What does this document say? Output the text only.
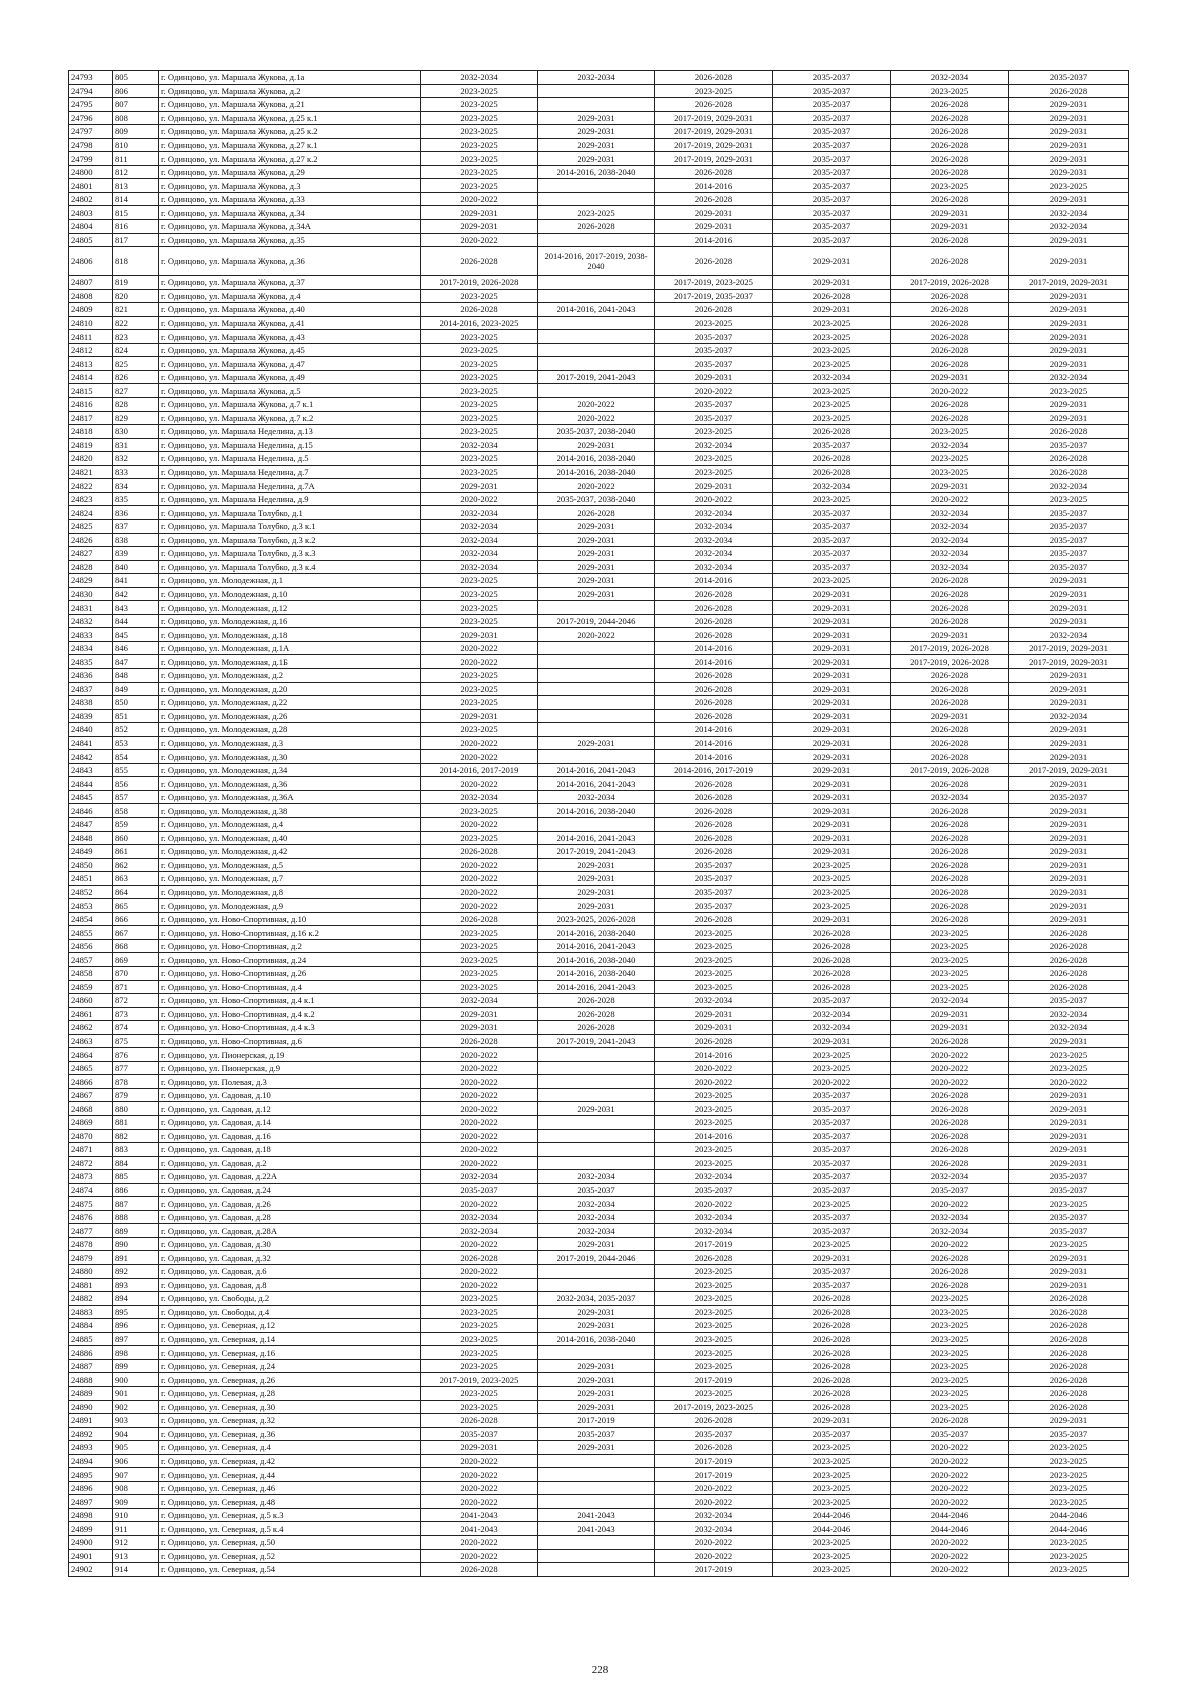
24793	805	г. Одинцово, ул. Маршала Жукова, д.1а	2032-2034	2032-2034	2026-2028	2035-2037	2032-2034	2035-2037
24794	806	г. Одинцово, ул. Маршала Жукова, д.2	2023-2025		2023-2025	2035-2037	2023-2025	2026-2028
24795	807	г. Одинцово, ул. Маршала Жукова, д.21	2023-2025		2026-2028	2035-2037	2026-2028	2029-2031
24796	808	г. Одинцово, ул. Маршала Жукова, д.25 к.1	2023-2025	2029-2031	2017-2019, 2029-2031	2035-2037	2026-2028	2029-2031
24797	809	г. Одинцово, ул. Маршала Жукова, д.25 к.2	2023-2025	2029-2031	2017-2019, 2029-2031	2035-2037	2026-2028	2029-2031
24798	810	г. Одинцово, ул. Маршала Жукова, д.27 к.1	2023-2025	2029-2031	2017-2019, 2029-2031	2035-2037	2026-2028	2029-2031
24799	811	г. Одинцово, ул. Маршала Жукова, д.27 к.2	2023-2025	2029-2031	2017-2019, 2029-2031	2035-2037	2026-2028	2029-2031
24800	812	г. Одинцово, ул. Маршала Жукова, д.29	2023-2025	2014-2016, 2038-2040	2026-2028	2035-2037	2026-2028	2029-2031
24801	813	г. Одинцово, ул. Маршала Жукова, д.3	2023-2025		2014-2016	2035-2037	2023-2025	2023-2025
24802	814	г. Одинцово, ул. Маршала Жукова, д.33	2020-2022		2026-2028	2035-2037	2026-2028	2029-2031
24803	815	г. Одинцово, ул. Маршала Жукова, д.34	2029-2031	2023-2025	2029-2031	2035-2037	2029-2031	2032-2034
24804	816	г. Одинцово, ул. Маршала Жукова, д.34А	2029-2031	2026-2028	2029-2031	2035-2037	2029-2031	2032-2034
24805	817	г. Одинцово, ул. Маршала Жукова, д.35	2020-2022		2014-2016	2035-2037	2026-2028	2029-2031
24806	818	г. Одинцово, ул. Маршала Жукова, д.36	2026-2028	2014-2016, 2017-2019, 2038-2040	2026-2028	2029-2031	2026-2028	2029-2031
24807	819	г. Одинцово, ул. Маршала Жукова, д.37	2017-2019, 2026-2028		2017-2019, 2023-2025	2029-2031	2017-2019, 2026-2028	2017-2019, 2029-2031
24808	820	г. Одинцово, ул. Маршала Жукова, д.4	2023-2025		2017-2019, 2035-2037	2026-2028	2026-2028	2029-2031
24809	821	г. Одинцово, ул. Маршала Жукова, д.40	2026-2028	2014-2016, 2041-2043	2026-2028	2029-2031	2026-2028	2029-2031
24810	822	г. Одинцово, ул. Маршала Жукова, д.41	2014-2016, 2023-2025		2023-2025	2023-2025	2026-2028	2029-2031
24811	823	г. Одинцово, ул. Маршала Жукова, д.43	2023-2025		2035-2037	2023-2025	2026-2028	2029-2031
24812	824	г. Одинцово, ул. Маршала Жукова, д.45	2023-2025		2035-2037	2023-2025	2026-2028	2029-2031
24813	825	г. Одинцово, ул. Маршала Жукова, д.47	2023-2025		2035-2037	2023-2025	2026-2028	2029-2031
24814	826	г. Одинцово, ул. Маршала Жукова, д.49	2023-2025	2017-2019, 2041-2043	2029-2031	2032-2034	2029-2031	2032-2034
24815	827	г. Одинцово, ул. Маршала Жукова, д.5	2023-2025		2020-2022	2023-2025	2020-2022	2023-2025
24816	828	г. Одинцово, ул. Маршала Жукова, д.7 к.1	2023-2025	2020-2022	2035-2037	2023-2025	2026-2028	2029-2031
24817	829	г. Одинцово, ул. Маршала Жукова, д.7 к.2	2023-2025	2020-2022	2035-2037	2023-2025	2026-2028	2029-2031
24818	830	г. Одинцово, ул. Маршала Неделина, д.13	2023-2025	2035-2037, 2038-2040	2023-2025	2026-2028	2023-2025	2026-2028
24819	831	г. Одинцово, ул. Маршала Неделина, д.15	2032-2034	2029-2031	2032-2034	2035-2037	2032-2034	2035-2037
24820	832	г. Одинцово, ул. Маршала Неделина, д.5	2023-2025	2014-2016, 2038-2040	2023-2025	2026-2028	2023-2025	2026-2028
24821	833	г. Одинцово, ул. Маршала Неделина, д.7	2023-2025	2014-2016, 2038-2040	2023-2025	2026-2028	2023-2025	2026-2028
24822	834	г. Одинцово, ул. Маршала Неделина, д.7А	2029-2031	2020-2022	2029-2031	2032-2034	2029-2031	2032-2034
24823	835	г. Одинцово, ул. Маршала Неделина, д.9	2020-2022	2035-2037, 2038-2040	2020-2022	2023-2025	2020-2022	2023-2025
24824	836	г. Одинцово, ул. Маршала Толубко, д.1	2032-2034	2026-2028	2032-2034	2035-2037	2032-2034	2035-2037
24825	837	г. Одинцово, ул. Маршала Толубко, д.3 к.1	2032-2034	2029-2031	2032-2034	2035-2037	2032-2034	2035-2037
24826	838	г. Одинцово, ул. Маршала Толубко, д.3 к.2	2032-2034	2029-2031	2032-2034	2035-2037	2032-2034	2035-2037
24827	839	г. Одинцово, ул. Маршала Толубко, д.3 к.3	2032-2034	2029-2031	2032-2034	2035-2037	2032-2034	2035-2037
24828	840	г. Одинцово, ул. Маршала Толубко, д.3 к.4	2032-2034	2029-2031	2032-2034	2035-2037	2032-2034	2035-2037
24829	841	г. Одинцово, ул. Молодежная, д.1	2023-2025	2029-2031	2014-2016	2023-2025	2026-2028	2029-2031
24830	842	г. Одинцово, ул. Молодежная, д.10	2023-2025	2029-2031	2026-2028	2029-2031	2026-2028	2029-2031
24831	843	г. Одинцово, ул. Молодежная, д.12	2023-2025		2026-2028	2029-2031	2026-2028	2029-2031
24832	844	г. Одинцово, ул. Молодежная, д.16	2023-2025	2017-2019, 2044-2046	2026-2028	2029-2031	2026-2028	2029-2031
24833	845	г. Одинцово, ул. Молодежная, д.18	2029-2031	2020-2022	2026-2028	2029-2031	2029-2031	2032-2034
24834	846	г. Одинцово, ул. Молодежная, д.1А	2020-2022		2014-2016	2029-2031	2017-2019, 2026-2028	2017-2019, 2029-2031
24835	847	г. Одинцово, ул. Молодежная, д.1Б	2020-2022		2014-2016	2029-2031	2017-2019, 2026-2028	2017-2019, 2029-2031
24836	848	г. Одинцово, ул. Молодежная, д.2	2023-2025		2026-2028	2029-2031	2026-2028	2029-2031
24837	849	г. Одинцово, ул. Молодежная, д.20	2023-2025		2026-2028	2029-2031	2026-2028	2029-2031
24838	850	г. Одинцово, ул. Молодежная, д.22	2023-2025		2026-2028	2029-2031	2026-2028	2029-2031
24839	851	г. Одинцово, ул. Молодежная, д.26	2029-2031		2026-2028	2029-2031	2029-2031	2032-2034
24840	852	г. Одинцово, ул. Молодежная, д.28	2023-2025		2014-2016	2029-2031	2026-2028	2029-2031
24841	853	г. Одинцово, ул. Молодежная, д.3	2020-2022	2029-2031	2014-2016	2029-2031	2026-2028	2029-2031
24842	854	г. Одинцово, ул. Молодежная, д.30	2020-2022		2014-2016	2029-2031	2026-2028	2029-2031
24843	855	г. Одинцово, ул. Молодежная, д.34	2014-2016, 2017-2019	2014-2016, 2041-2043	2014-2016, 2017-2019	2029-2031	2017-2019, 2026-2028	2017-2019, 2029-2031
24844	856	г. Одинцово, ул. Молодежная, д.36	2020-2022	2014-2016, 2041-2043	2026-2028	2029-2031	2026-2028	2029-2031
24845	857	г. Одинцово, ул. Молодежная, д.36А	2032-2034	2032-2034	2026-2028	2029-2031	2032-2034	2035-2037
24846	858	г. Одинцово, ул. Молодежная, д.38	2023-2025	2014-2016, 2038-2040	2026-2028	2029-2031	2026-2028	2029-2031
24847	859	г. Одинцово, ул. Молодежная, д.4	2020-2022		2026-2028	2029-2031	2026-2028	2029-2031
24848	860	г. Одинцово, ул. Молодежная, д.40	2023-2025	2014-2016, 2041-2043	2026-2028	2029-2031	2026-2028	2029-2031
24849	861	г. Одинцово, ул. Молодежная, д.42	2026-2028	2017-2019, 2041-2043	2026-2028	2029-2031	2026-2028	2029-2031
24850	862	г. Одинцово, ул. Молодежная, д.5	2020-2022	2029-2031	2035-2037	2023-2025	2026-2028	2029-2031
24851	863	г. Одинцово, ул. Молодежная, д.7	2020-2022	2029-2031	2035-2037	2023-2025	2026-2028	2029-2031
24852	864	г. Одинцово, ул. Молодежная, д.8	2020-2022	2029-2031	2035-2037	2023-2025	2026-2028	2029-2031
24853	865	г. Одинцово, ул. Молодежная, д.9	2020-2022	2029-2031	2035-2037	2023-2025	2026-2028	2029-2031
24854	866	г. Одинцово, ул. Ново-Спортивная, д.10	2026-2028	2023-2025, 2026-2028	2026-2028	2029-2031	2026-2028	2029-2031
24855	867	г. Одинцово, ул. Ново-Спортивная, д.16 к.2	2023-2025	2014-2016, 2038-2040	2023-2025	2026-2028	2023-2025	2026-2028
24856	868	г. Одинцово, ул. Ново-Спортивная, д.2	2023-2025	2014-2016, 2041-2043	2023-2025	2026-2028	2023-2025	2026-2028
24857	869	г. Одинцово, ул. Ново-Спортивная, д.24	2023-2025	2014-2016, 2038-2040	2023-2025	2026-2028	2023-2025	2026-2028
24858	870	г. Одинцово, ул. Ново-Спортивная, д.26	2023-2025	2014-2016, 2038-2040	2023-2025	2026-2028	2023-2025	2026-2028
24859	871	г. Одинцово, ул. Ново-Спортивная, д.4	2023-2025	2014-2016, 2041-2043	2023-2025	2026-2028	2023-2025	2026-2028
24860	872	г. Одинцово, ул. Ново-Спортивная, д.4 к.1	2032-2034	2026-2028	2032-2034	2035-2037	2032-2034	2035-2037
24861	873	г. Одинцово, ул. Ново-Спортивная, д.4 к.2	2029-2031	2026-2028	2029-2031	2032-2034	2029-2031	2032-2034
24862	874	г. Одинцово, ул. Ново-Спортивная, д.4 к.3	2029-2031	2026-2028	2029-2031	2032-2034	2029-2031	2032-2034
24863	875	г. Одинцово, ул. Ново-Спортивная, д.6	2026-2028	2017-2019, 2041-2043	2026-2028	2029-2031	2026-2028	2029-2031
24864	876	г. Одинцово, ул. Пионерская, д.19	2020-2022		2014-2016	2023-2025	2020-2022	2023-2025
24865	877	г. Одинцово, ул. Пионерская, д.9	2020-2022		2020-2022	2023-2025	2020-2022	2023-2025
24866	878	г. Одинцово, ул. Полевая, д.3	2020-2022		2020-2022	2020-2022	2020-2022	2020-2022
24867	879	г. Одинцово, ул. Садовая, д.10	2020-2022		2023-2025	2035-2037	2026-2028	2029-2031
24868	880	г. Одинцово, ул. Садовая, д.12	2020-2022	2029-2031	2023-2025	2035-2037	2026-2028	2029-2031
24869	881	г. Одинцово, ул. Садовая, д.14	2020-2022		2023-2025	2035-2037	2026-2028	2029-2031
24870	882	г. Одинцово, ул. Садовая, д.16	2020-2022		2014-2016	2035-2037	2026-2028	2029-2031
24871	883	г. Одинцово, ул. Садовая, д.18	2020-2022		2023-2025	2035-2037	2026-2028	2029-2031
24872	884	г. Одинцово, ул. Садовая, д.2	2020-2022		2023-2025	2035-2037	2026-2028	2029-2031
24873	885	г. Одинцово, ул. Садовая, д.22А	2032-2034	2032-2034	2032-2034	2035-2037	2032-2034	2035-2037
24874	886	г. Одинцово, ул. Садовая, д.24	2035-2037	2035-2037	2035-2037	2035-2037	2035-2037	2035-2037
24875	887	г. Одинцово, ул. Садовая, д.26	2020-2022	2032-2034	2020-2022	2023-2025	2020-2022	2023-2025
24876	888	г. Одинцово, ул. Садовая, д.28	2032-2034	2032-2034	2032-2034	2035-2037	2032-2034	2035-2037
24877	889	г. Одинцово, ул. Садовая, д.28А	2032-2034	2032-2034	2032-2034	2035-2037	2032-2034	2035-2037
24878	890	г. Одинцово, ул. Садовая, д.30	2020-2022	2029-2031	2017-2019	2023-2025	2020-2022	2023-2025
24879	891	г. Одинцово, ул. Садовая, д.32	2026-2028	2017-2019, 2044-2046	2026-2028	2029-2031	2026-2028	2029-2031
24880	892	г. Одинцово, ул. Садовая, д.6	2020-2022		2023-2025	2035-2037	2026-2028	2029-2031
24881	893	г. Одинцово, ул. Садовая, д.8	2020-2022		2023-2025	2035-2037	2026-2028	2029-2031
24882	894	г. Одинцово, ул. Свободы, д.2	2023-2025	2032-2034, 2035-2037	2023-2025	2026-2028	2023-2025	2026-2028
24883	895	г. Одинцово, ул. Свободы, д.4	2023-2025	2029-2031	2023-2025	2026-2028	2023-2025	2026-2028
24884	896	г. Одинцово, ул. Северная, д.12	2023-2025	2029-2031	2023-2025	2026-2028	2023-2025	2026-2028
24885	897	г. Одинцово, ул. Северная, д.14	2023-2025	2014-2016, 2038-2040	2023-2025	2026-2028	2023-2025	2026-2028
24886	898	г. Одинцово, ул. Северная, д.16	2023-2025		2023-2025	2026-2028	2023-2025	2026-2028
24887	899	г. Одинцово, ул. Северная, д.24	2023-2025	2029-2031	2023-2025	2026-2028	2023-2025	2026-2028
24888	900	г. Одинцово, ул. Северная, д.26	2017-2019, 2023-2025	2029-2031	2017-2019	2026-2028	2023-2025	2026-2028
24889	901	г. Одинцово, ул. Северная, д.28	2023-2025	2029-2031	2023-2025	2026-2028	2023-2025	2026-2028
24890	902	г. Одинцово, ул. Северная, д.30	2023-2025	2029-2031	2017-2019, 2023-2025	2026-2028	2023-2025	2026-2028
24891	903	г. Одинцово, ул. Северная, д.32	2026-2028	2017-2019	2026-2028	2029-2031	2026-2028	2029-2031
24892	904	г. Одинцово, ул. Северная, д.36	2035-2037	2035-2037	2035-2037	2035-2037	2035-2037	2035-2037
24893	905	г. Одинцово, ул. Северная, д.4	2029-2031	2029-2031	2026-2028	2023-2025	2020-2022	2023-2025
24894	906	г. Одинцово, ул. Северная, д.42	2020-2022		2017-2019	2023-2025	2020-2022	2023-2025
24895	907	г. Одинцово, ул. Северная, д.44	2020-2022		2017-2019	2023-2025	2020-2022	2023-2025
24896	908	г. Одинцово, ул. Северная, д.46	2020-2022		2020-2022	2023-2025	2020-2022	2023-2025
24897	909	г. Одинцово, ул. Северная, д.48	2020-2022		2020-2022	2023-2025	2020-2022	2023-2025
24898	910	г. Одинцово, ул. Северная, д.5 к.3	2041-2043	2041-2043	2032-2034	2044-2046	2044-2046	2044-2046
24899	911	г. Одинцово, ул. Северная, д.5 к.4	2041-2043	2041-2043	2032-2034	2044-2046	2044-2046	2044-2046
24900	912	г. Одинцово, ул. Северная, д.50	2020-2022		2020-2022	2023-2025	2020-2022	2023-2025
24901	913	г. Одинцово, ул. Северная, д.52	2020-2022		2020-2022	2023-2025	2020-2022	2023-2025
24902	914	г. Одинцово, ул. Северная, д.54	2026-2028		2017-2019	2023-2025	2020-2022	2023-2025
228
